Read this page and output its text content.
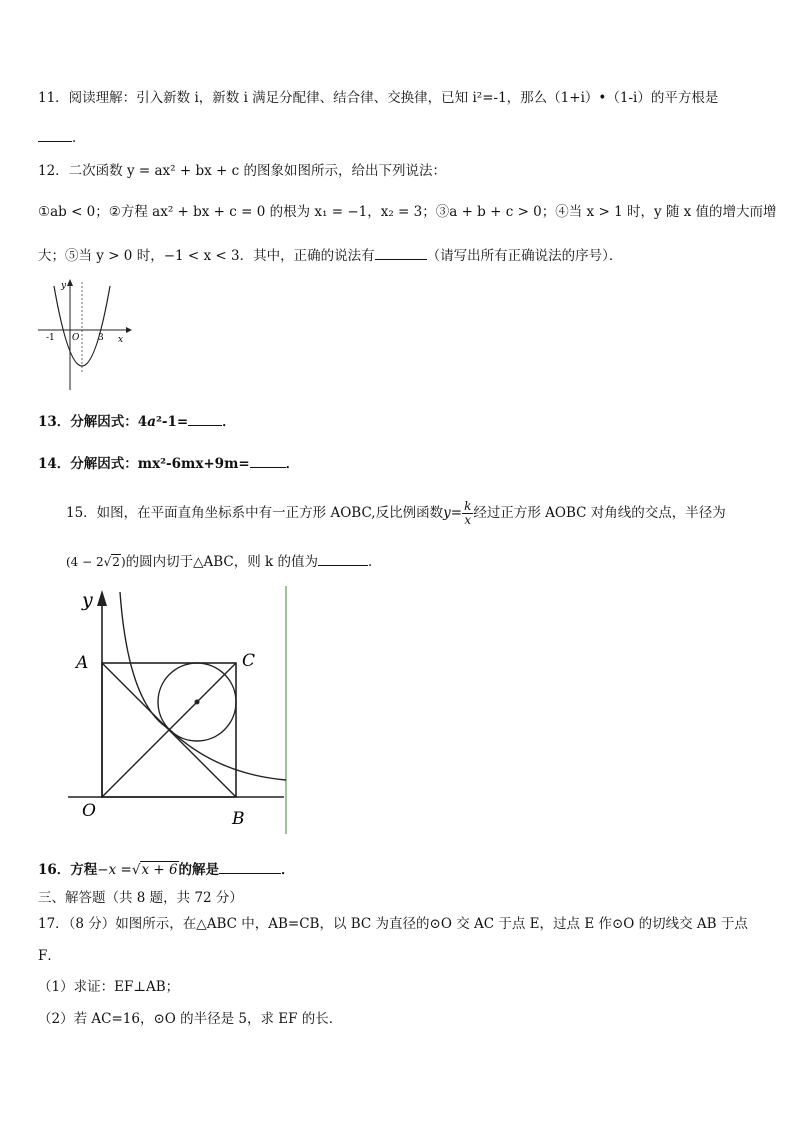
11．阅读理解：引入新数 i，新数 i 满足分配律、结合律、交换律，已知 i²=-1，那么（1+i）•（1-i）的平方根是
．
12．二次函数 y = ax² + bx + c 的图象如图所示，给出下列说法：
①ab < 0；②方程 ax² + bx + c = 0 的根为 x₁ = −1，x₂ = 3；③a + b + c > 0；④当 x > 1 时，y 随 x 值的增大而增
大；⑤当 y > 0 时，−1 < x < 3．其中，正确的说法有	（请写出所有正确说法的序号）．
y
x
O
-1	3
13．分解因式：4a²-1=	．
14．分解因式：mx²-6mx+9m=	．
15．如图，在平面直角坐标系中有一正方形 AOBC,反比例函数$y= \frac{k}{x}$ 经过正方形 AOBC 对角线的交点，半径为
(4 − 2√2)的圆内切于△ABC，则 k 的值为	．
y
A	C
O	B
16．方程−x =√x + 6的解是	．
三、解答题（共 8 题，共 72 分）
17．（8 分）如图所示，在△ABC 中，AB=CB，以 BC 为直径的⊙O 交 AC 于点 E，过点 E 作⊙O 的切线交 AB 于点
F．
（1）求证：EF⊥AB；
（2）若 AC=16，⊙O 的半径是 5，求 EF 的长．
